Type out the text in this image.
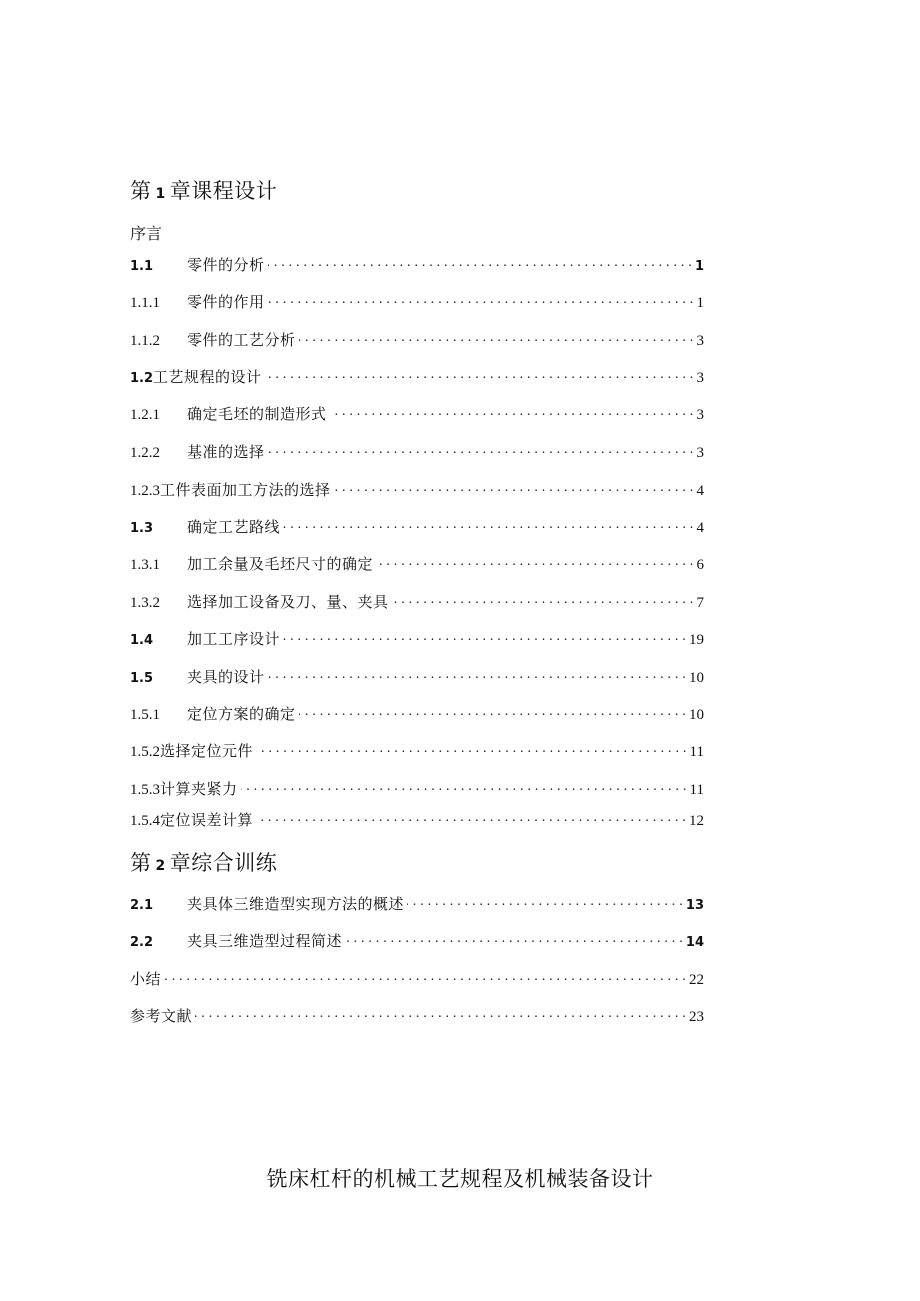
第 1 章课程设计
序言
1.1	零件的分析 . . .	1
1.1.1	零件的作用 . . .	1
1.1.2	零件的工艺分析 . . .	3
1.2 工艺规程的设计 . . .	3
1.2.1	确定毛坯的制造形式 . . .	3
1.2.2	基准的选择 . . .	3
1.2.3 工件表面加工方法的选择 . . .	4
1.3	确定工艺路线 . . .	4
1.3.1	加工余量及毛坯尺寸的确定 . . .	6
1.3.2	选择加工设备及刀、量、夹具 . . .	7
1.4	加工工序设计 . . .	19
1.5	夹具的设计 . . .	10
1.5.1	定位方案的确定 . . .	10
1.5.2 选择定位元件 . . .	11
1.5.3 计算夹紧力 . . .	11
1.5.4 定位误差计算 . . .	12
第 2 章综合训练
2.1	夹具体三维造型实现方法的概述 . . .	13
2.2	夹具三维造型过程简述 . . .	14
小结 . . .	22
参考文献 . . .	23
铣床杠杆的机械工艺规程及机械装备设计
